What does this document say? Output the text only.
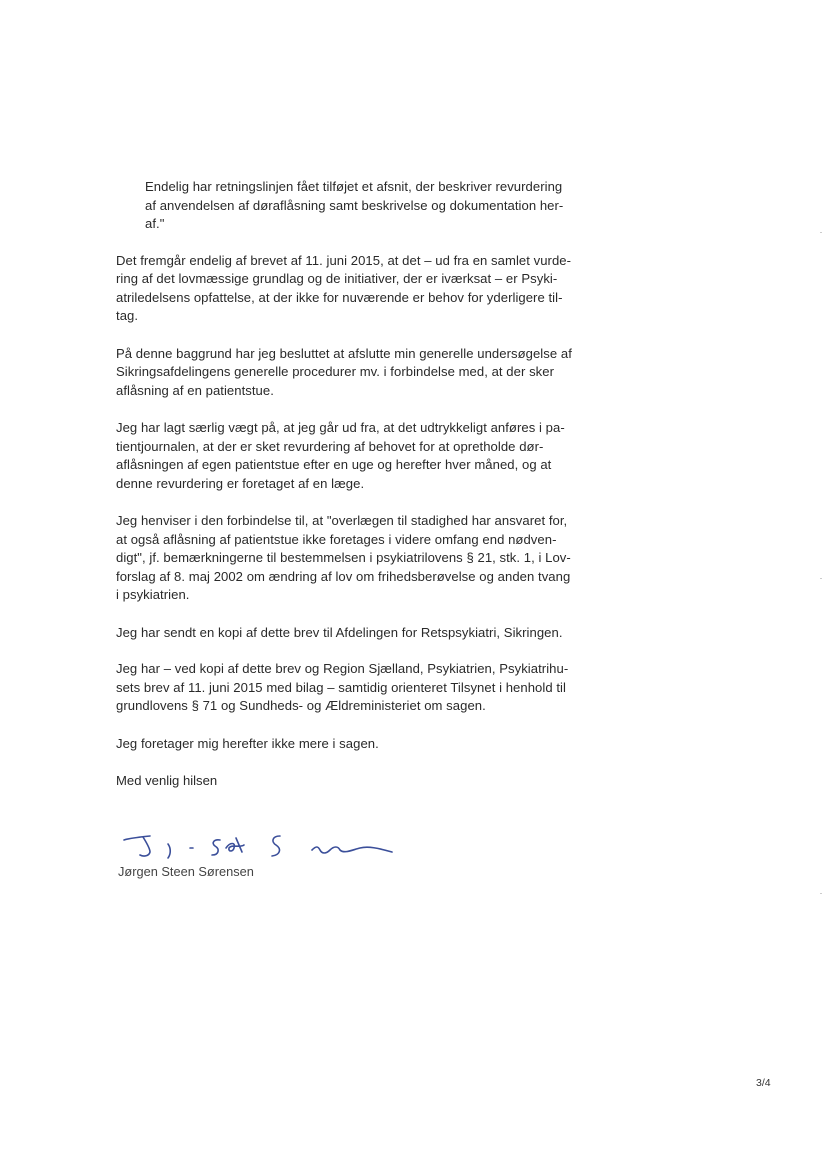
Endelig har retningslinjen fået tilføjet et afsnit, der beskriver revurdering
af anvendelsen af døraflåsning samt beskrivelse og dokumentation her-
af."
Det fremgår endelig af brevet af 11. juni 2015, at det – ud fra en samlet vurde-
ring af det lovmæssige grundlag og de initiativer, der er iværksat – er Psyki-
atriledelsens opfattelse, at der ikke for nuværende er behov for yderligere til-
tag.
På denne baggrund har jeg besluttet at afslutte min generelle undersøgelse af
Sikringsafdelingens generelle procedurer mv. i forbindelse med, at der sker
aflåsning af en patientstue.
Jeg har lagt særlig vægt på, at jeg går ud fra, at det udtrykkeligt anføres i pa-
tientjournalen, at der er sket revurdering af behovet for at opretholde dør-
aflåsningen af egen patientstue efter en uge og herefter hver måned, og at
denne revurdering er foretaget af en læge.
Jeg henviser i den forbindelse til, at "overlægen til stadighed har ansvaret for,
at også aflåsning af patientstue ikke foretages i videre omfang end nødven-
digt", jf. bemærkningerne til bestemmelsen i psykiatrilovens § 21, stk. 1, i Lov-
forslag af 8. maj 2002 om ændring af lov om frihedsberøvelse og anden tvang
i psykiatrien.
Jeg har sendt en kopi af dette brev til Afdelingen for Retspsykiatri, Sikringen.
Jeg har – ved kopi af dette brev og Region Sjælland, Psykiatrien, Psykiatrihu-
sets brev af 11. juni 2015 med bilag – samtidig orienteret Tilsynet i henhold til
grundlovens § 71 og Sundheds- og Ældreministeriet om sagen.
Jeg foretager mig herefter ikke mere i sagen.
Med venlig hilsen
Jørgen Steen Sørensen
3/4
